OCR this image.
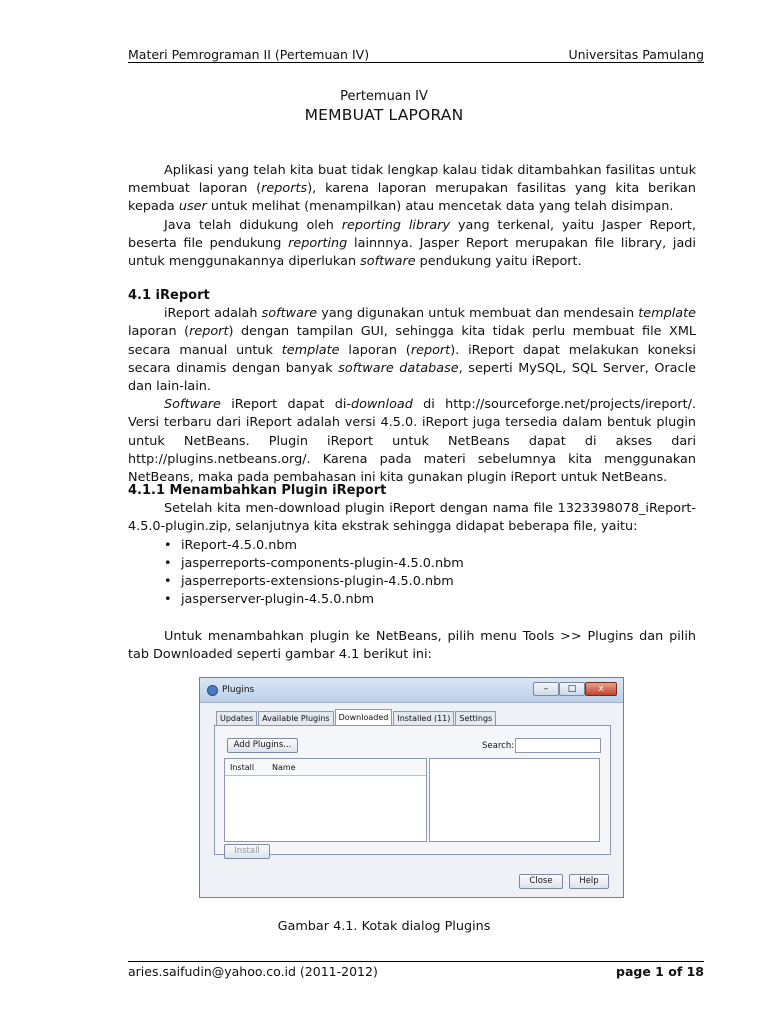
Materi Pemrograman II (Pertemuan IV)	Universitas Pamulang
Pertemuan IV
MEMBUAT LAPORAN

Aplikasi yang telah kita buat tidak lengkap kalau tidak ditambahkan fasilitas untuk membuat laporan (reports), karena laporan merupakan fasilitas yang kita berikan kepada user untuk melihat (menampilkan) atau mencetak data yang telah disimpan.

Java telah didukung oleh reporting library yang terkenal, yaitu Jasper Report, beserta file pendukung reporting lainnnya. Jasper Report merupakan file library, jadi untuk menggunakannya diperlukan software pendukung yaitu iReport.

4.1 iReport

iReport adalah software yang digunakan untuk membuat dan mendesain template laporan (report) dengan tampilan GUI, sehingga kita tidak perlu membuat file XML secara manual untuk template laporan (report). iReport dapat melakukan koneksi secara dinamis dengan banyak software database, seperti MySQL, SQL Server, Oracle dan lain-lain.

Software iReport dapat di-download di http://sourceforge.net/projects/ireport/. Versi terbaru dari iReport adalah versi 4.5.0. iReport juga tersedia dalam bentuk plugin untuk NetBeans. Plugin iReport untuk NetBeans dapat di akses dari http://plugins.netbeans.org/. Karena pada materi sebelumnya kita menggunakan NetBeans, maka pada pembahasan ini kita gunakan plugin iReport untuk NetBeans.

4.1.1 Menambahkan Plugin iReport

Setelah kita men-download plugin iReport dengan nama file 1323398078_iReport-4.5.0-plugin.zip, selanjutnya kita ekstrak sehingga didapat beberapa file, yaitu:

• iReport-4.5.0.nbm
• jasperreports-components-plugin-4.5.0.nbm
• jasperreports-extensions-plugin-4.5.0.nbm
• jasperserver-plugin-4.5.0.nbm

Untuk menambahkan plugin ke NetBeans, pilih menu Tools >> Plugins dan pilih tab Downloaded seperti gambar 4.1 berikut ini:

Plugins	–	□	x
Updates	Available Plugins	Downloaded	Installed (11)	Settings
Add Plugins...	Search:
Install Name
Install
Close	Help
Gambar 4.1. Kotak dialog Plugins
aries.saifudin@yahoo.co.id (2011-2012)	page 1 of 18
